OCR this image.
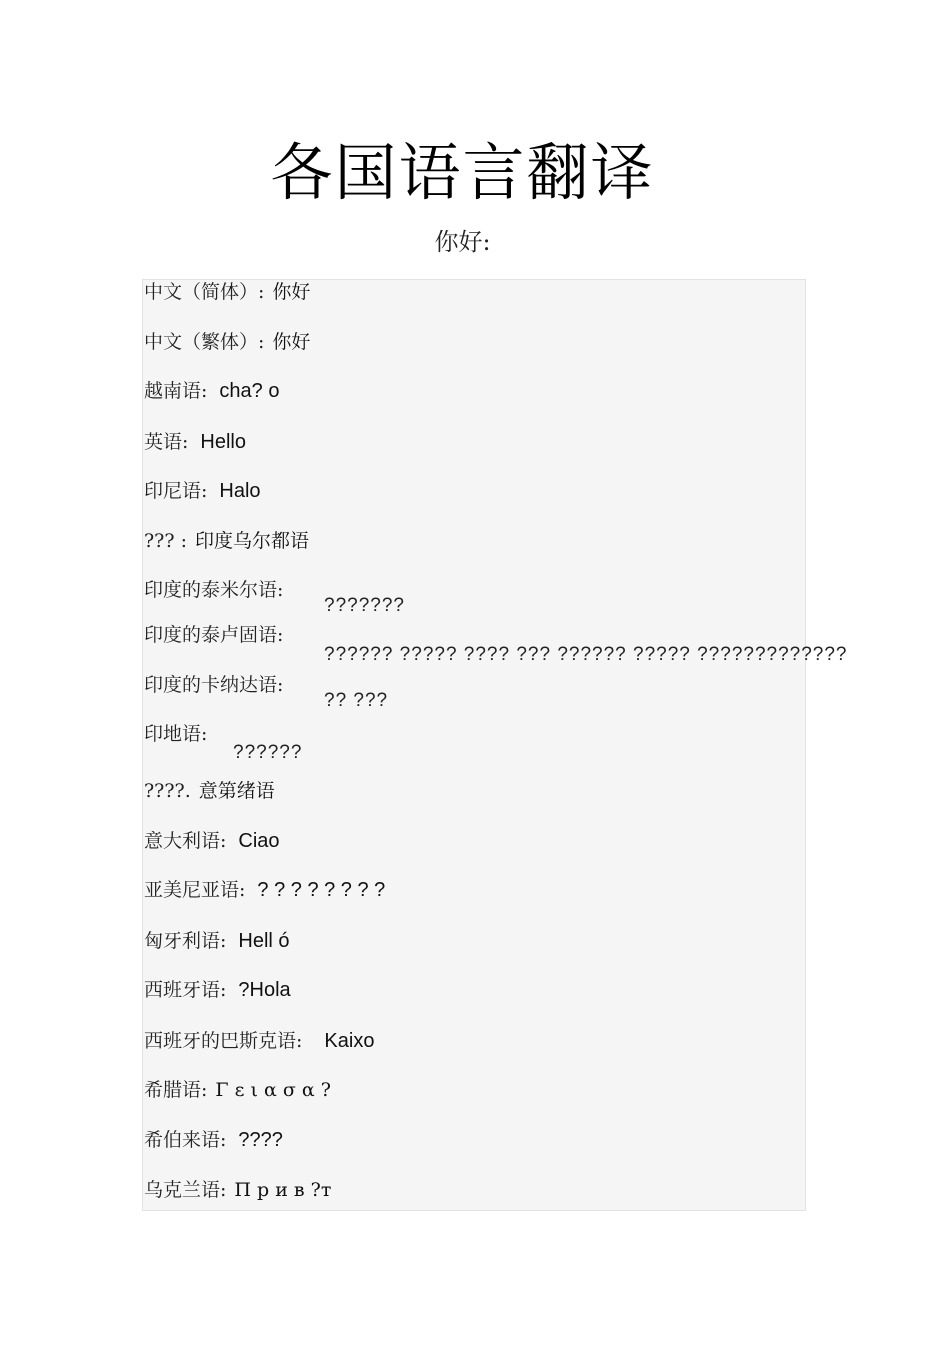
各国语言翻译
你好:
中文（简体）: 你好
中文（繁体）: 你好
越南语: cha? o
英语: Hello
印尼语: Halo
??? : 印度乌尔都语
印度的泰米尔语:
???????
印度的泰卢固语:
?????? ????? ???? ??? ?????? ????? ?????????????
印度的卡纳达语:
?? ???
印地语:
??????
????. 意第绪语
意大利语: Ciao
亚美尼亚语: ? ? ? ? ? ? ? ?
匈牙利语: Hell ó
西班牙语: ?Hola
西班牙的巴斯克语: Kaixo
希腊语: Γ ε ι α σ α ?
希伯来语: ????
乌克兰语: П р и в ?т
